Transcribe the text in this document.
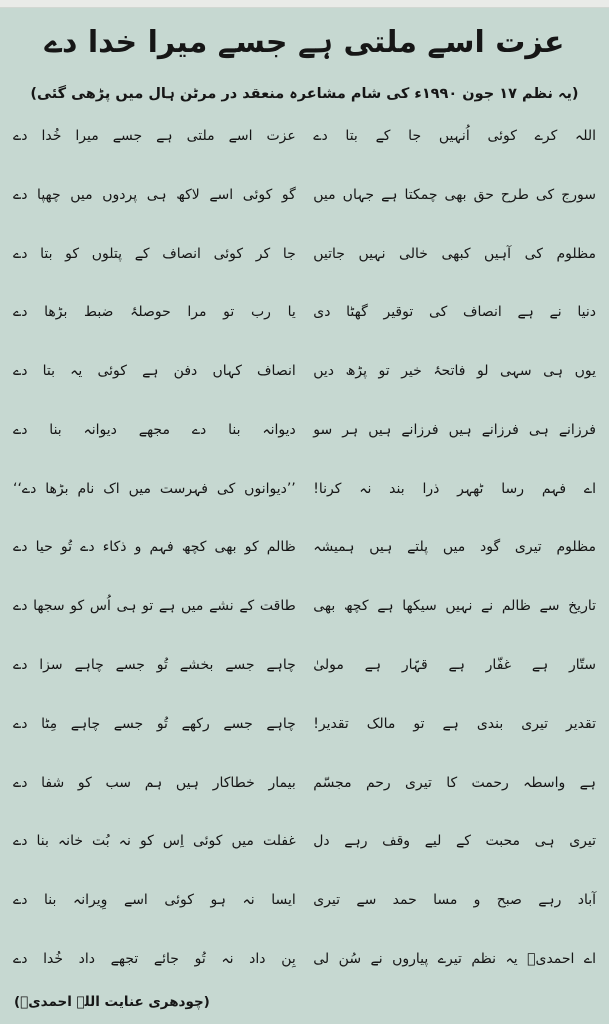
عزت اسے ملتی ہے جسے میرا خدا دے
(یہ نظم ۱۷ جون ۱۹۹۰ء کی شام مشاعرہ منعقد در مرٹن ہال میں پڑھی گئی)
اللہ کرے کوئی اُنہیں جا کے بتا دے
عزت اسے ملتی ہے جسے میرا خُدا دے
سورج کی طرح حق بھی چمکتا ہے جہاں میں
گو کوئی اسے لاکھ ہی پردوں میں چھپا دے
مظلوم کی آہیں کبھی خالی نہیں جاتیں
جا کر کوئی انصاف کے پتلوں کو بتا دے
دنیا نے ہے انصاف کی توقیر گھٹا دی
یا رب تو مرا حوصلۂ ضبط بڑھا دے
یوں ہی سہی لو فاتحۂ خیر تو پڑھ دیں
انصاف کہاں دفن ہے کوئی یہ بتا دے
فرزانے ہی فرزانے ہیں فرزانے ہیں ہر سو
دیوانہ بنا دے مجھے دیوانہ بنا دے
اے فہم رسا ٹھہر ذرا بند نہ کرنا!
’’دیوانوں کی فہرست میں اک نام بڑھا دے‘‘
مظلوم تیری گود میں پلتے ہیں ہمیشہ
ظالم کو بھی کچھ فہم و ذکاء دے تُو حیا دے
تاریخ سے ظالم نے نہیں سیکھا ہے کچھ بھی
طاقت کے نشے میں ہے تو ہی اُس کو سجھا دے
ستّار ہے غفّار ہے قہّار ہے مولیٰ
چاہے جسے بخشے تُو جسے چاہے سزا دے
تقدیر تیری بندی ہے تو مالک تقدیر!
چاہے جسے رکھے تُو جسے چاہے مِٹا دے
ہے واسطہ رحمت کا تیری رحم مجسّم
بیمار خطاکار ہیں ہم سب کو شفا دے
تیری ہی محبت کے لیے وقف رہے دل
غفلت میں کوئی اِس کو نہ بُت خانہ بنا دے
آباد رہے صبح و مسا حمد سے تیری
ایسا نہ ہو کوئی اسے وِیرانہ بنا دے
اے احمدیؔ یہ نظم تیرے پیاروں نے سُن لی
بِن داد نہ تُو جائے تجھے داد خُدا دے
(چودھری عنایت اللہ احمدیؔ)
